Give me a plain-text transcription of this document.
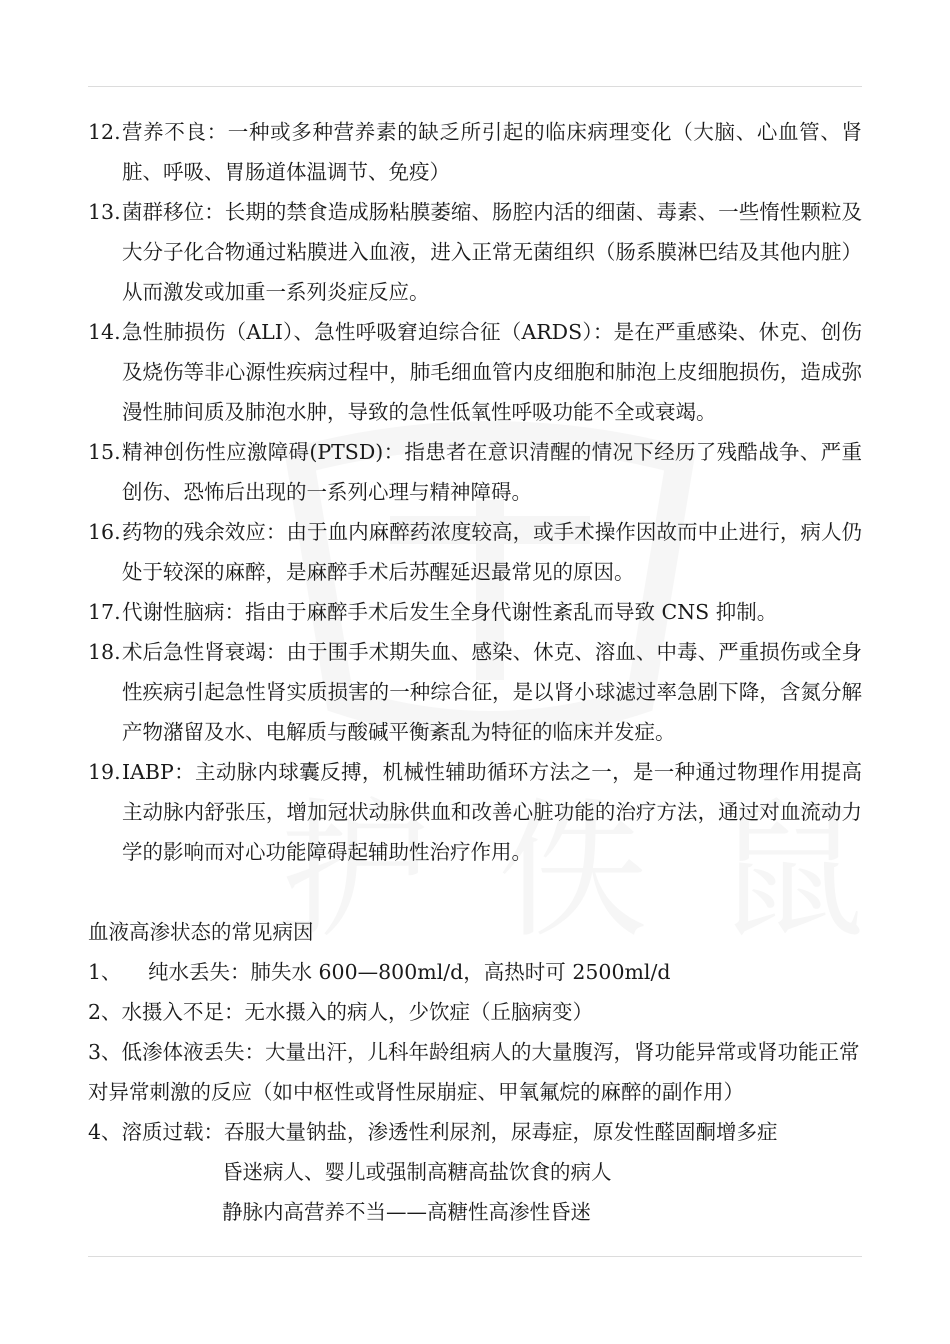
12. 营养不良：一种或多种营养素的缺乏所引起的临床病理变化（大脑、心血管、肾脏、呼吸、胃肠道体温调节、免疫）
13. 菌群移位：长期的禁食造成肠粘膜萎缩、肠腔内活的细菌、毒素、一些惰性颗粒及大分子化合物通过粘膜进入血液，进入正常无菌组织（肠系膜淋巴结及其他内脏）从而激发或加重一系列炎症反应。
14. 急性肺损伤（ALI）、急性呼吸窘迫综合征（ARDS）：是在严重感染、休克、创伤及烧伤等非心源性疾病过程中，肺毛细血管内皮细胞和肺泡上皮细胞损伤，造成弥漫性肺间质及肺泡水肿，导致的急性低氧性呼吸功能不全或衰竭。
15. 精神创伤性应激障碍(PTSD)：指患者在意识清醒的情况下经历了残酷战争、严重创伤、恐怖后出现的一系列心理与精神障碍。
16. 药物的残余效应：由于血内麻醉药浓度较高，或手术操作因故而中止进行，病人仍处于较深的麻醉，是麻醉手术后苏醒延迟最常见的原因。
17. 代谢性脑病：指由于麻醉手术后发生全身代谢性紊乱而导致 CNS 抑制。
18. 术后急性肾衰竭：由于围手术期失血、感染、休克、溶血、中毒、严重损伤或全身性疾病引起急性肾实质损害的一种综合征，是以肾小球滤过率急剧下降，含氮分解产物潴留及水、电解质与酸碱平衡紊乱为特征的临床并发症。
19. IABP：主动脉内球囊反搏，机械性辅助循环方法之一，是一种通过物理作用提高主动脉内舒张压，增加冠状动脉供血和改善心脏功能的治疗方法，通过对血流动力学的影响而对心功能障碍起辅助性治疗作用。
血液高渗状态的常见病因
1、 纯水丢失：肺失水 600—800ml/d，高热时可 2500ml/d
2、水摄入不足：无水摄入的病人，少饮症（丘脑病变）
3、低渗体液丢失：大量出汗，儿科年龄组病人的大量腹泻，肾功能异常或肾功能正常对异常刺激的反应（如中枢性或肾性尿崩症、甲氧氟烷的麻醉的副作用）
4、溶质过载：吞服大量钠盐，渗透性利尿剂，尿毒症，原发性醛固酮增多症
昏迷病人、婴儿或强制高糖高盐饮食的病人
静脉内高营养不当——高糖性高渗性昏迷
